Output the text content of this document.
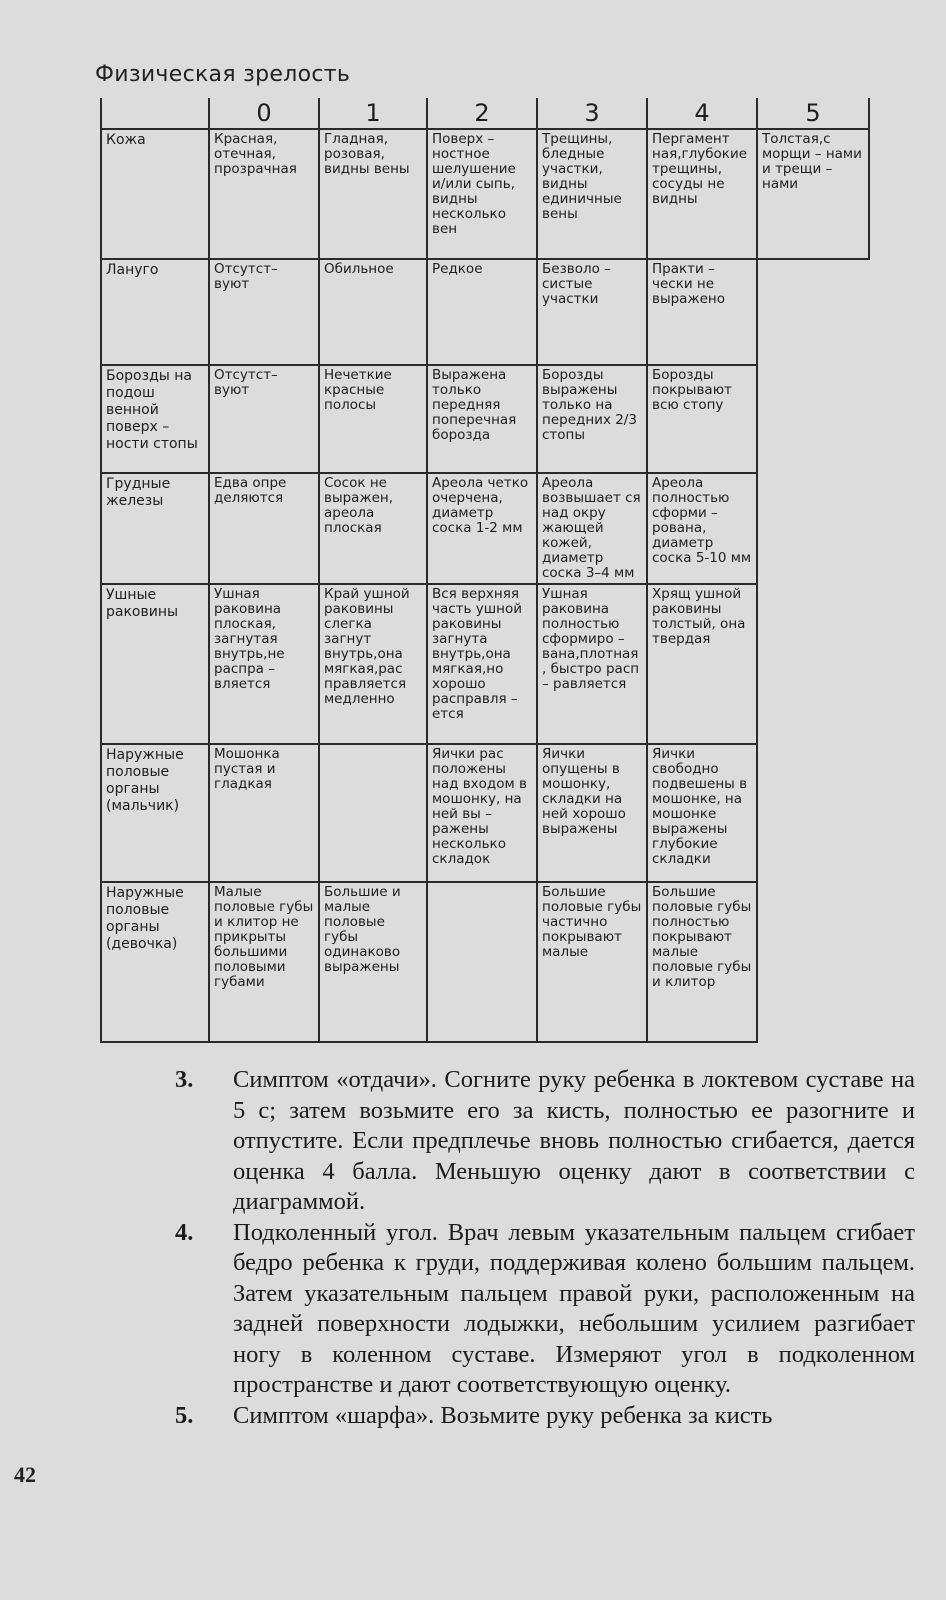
Физическая зрелость
	0	1	2	3	4	5
Кожа	Красная, отечная, прозрачная	Гладная, розовая, видны вены	Поверх – ностное шелушение и/или сыпь, видны несколько вен	Трещины, бледные участки, видны единичные вены	Пергамент ная,глубокие трещины, сосуды не видны	Толстая,с морщи – нами и трещи – нами
Лануго	Отсутст– вуют	Обильное	Редкое	Безволо – систые участки	Практи – чески не выражено	
Борозды на подош венной поверх – ности стопы	Отсутст– вуют	Нечеткие красные полосы	Выражена только передняя поперечная борозда	Борозды выражены только на передних 2/3 стопы	Борозды покрывают всю стопу	
Грудные железы	Едва опре деляются	Сосок не выражен, ареола плоская	Ареола четко очерчена, диаметр соска 1-2 мм	Ареола возвышает ся над окру жающей кожей, диаметр соска 3–4 мм	Ареола полностью сформи – рована, диаметр соска 5-10 мм	
Ушные раковины	Ушная раковина плоская, загнутая внутрь,не распра – вляется	Край ушной раковины слегка загнут внутрь,она мягкая,рас правляется медленно	Вся верхняя часть ушной раковины загнута внутрь,она мягкая,но хорошо расправля – ется	Ушная раковина полностью сформиро – вана,плотная, быстро расп – равляется	Хрящ ушной раковины толстый, она твердая	
Наружные половые органы (мальчик)	Мошонка пустая и гладкая		Яички рас положены над входом в мошонку, на ней вы – ражены несколько складок	Яички опущены в мошонку, складки на ней хорошо выражены	Яички свободно подвешены в мошонке, на мошонке выражены глубокие складки	
Наружные половые органы (девочка)	Малые половые губы и клитор не прикрыты большими половыми губами	Большие и малые половые губы одинаково выражены		Большие половые губы частично покрывают малые	Большие половые губы полностью покрывают малые половые губы и клитор	
3.	Симптом «отдачи». Согните руку ребенка в локтевом суставе на 5 с; затем возьмите его за кисть, полностью ее разогните и отпустите. Если предплечье вновь полностью сгибается, дается оценка 4 балла. Меньшую оценку дают в соответствии с диаграммой.
4.	Подколенный угол. Врач левым указательным пальцем сгибает бедро ребенка к груди, поддерживая колено большим пальцем. Затем указательным пальцем правой руки, расположенным на задней поверхности лодыжки, небольшим усилием разгибает ногу в коленном суставе. Измеряют угол в подколенном пространстве и дают соответствующую оценку.
5.	Симптом «шарфа». Возьмите руку ребенка за кисть
42
